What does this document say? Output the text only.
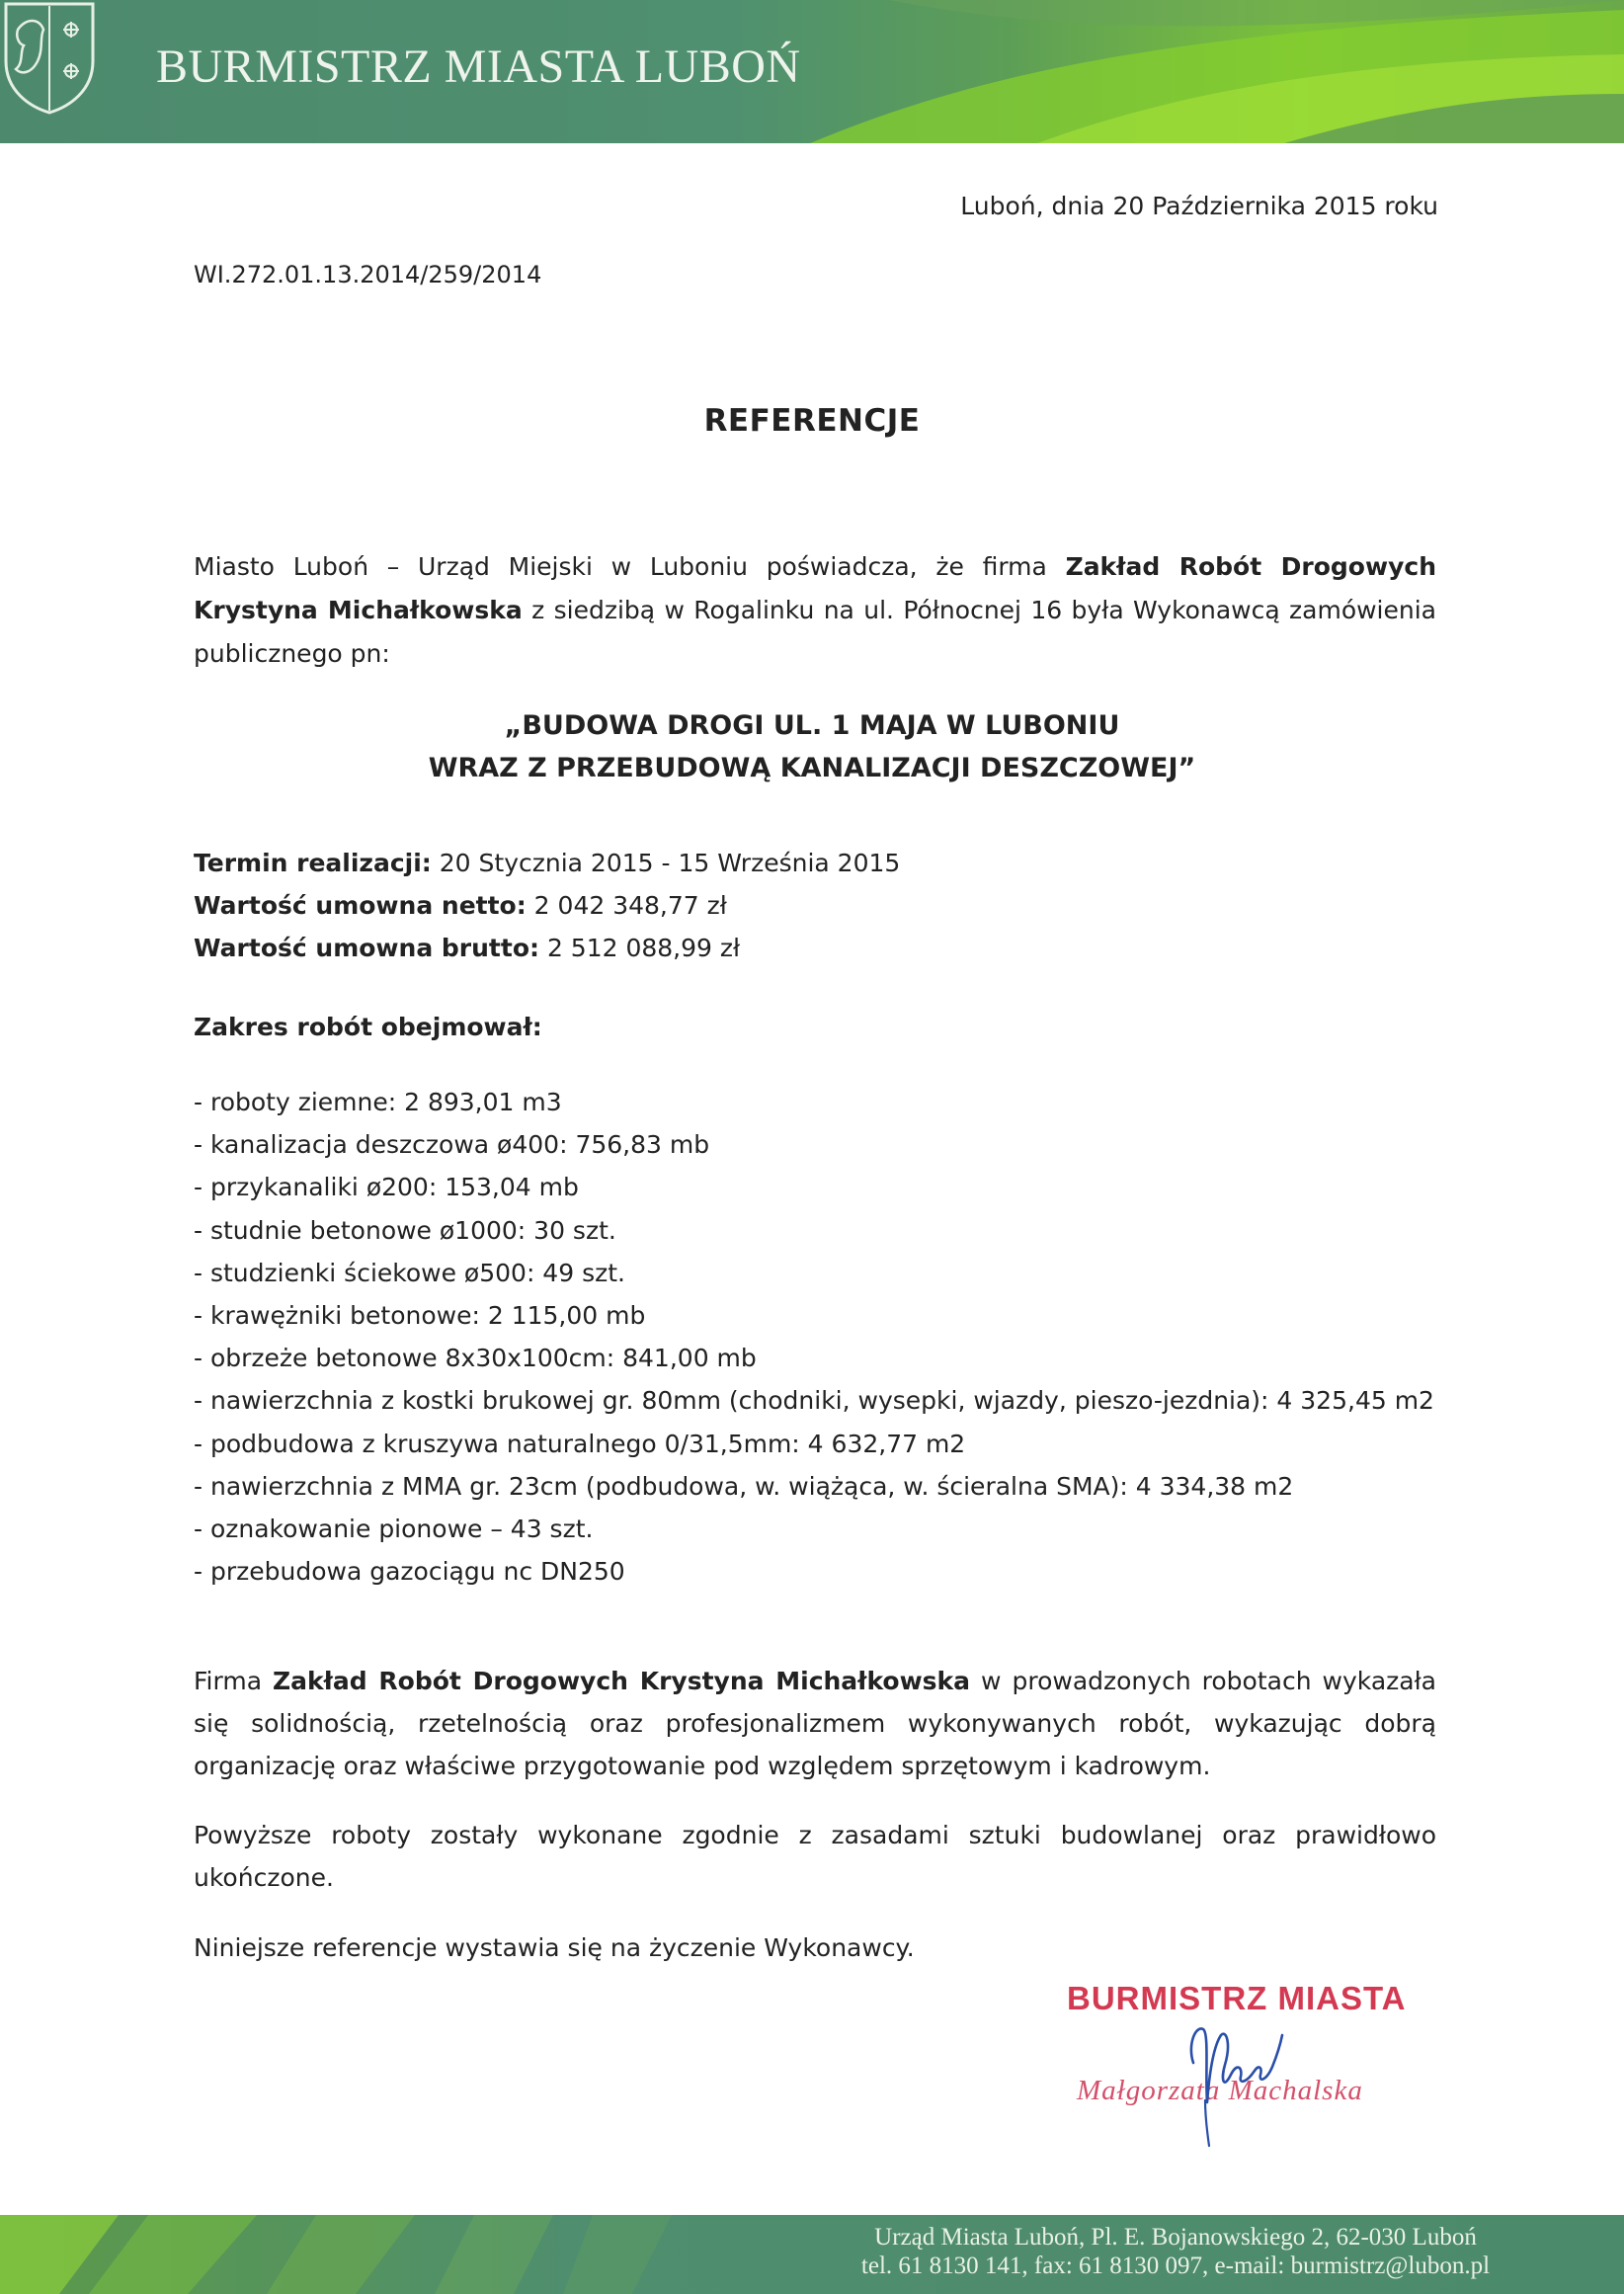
BURMISTRZ MIASTA LUBOŃ
Luboń, dnia 20 Października 2015 roku
WI.272.01.13.2014/259/2014
REFERENCJE
Miasto Luboń – Urząd Miejski w Luboniu poświadcza, że firma Zakład Robót Drogowych Krystyna Michałkowska z siedzibą w Rogalinku na ul. Północnej 16 była Wykonawcą zamówienia publicznego pn:
„BUDOWA DROGI UL. 1 MAJA W LUBONIU
WRAZ Z PRZEBUDOWĄ KANALIZACJI DESZCZOWEJ”
Termin realizacji: 20 Stycznia 2015 - 15 Września 2015
Wartość umowna netto: 2 042 348,77 zł
Wartość umowna brutto: 2 512 088,99 zł
Zakres robót obejmował:
- roboty ziemne: 2 893,01 m3
- kanalizacja deszczowa ø400: 756,83 mb
- przykanaliki ø200: 153,04 mb
- studnie betonowe ø1000: 30 szt.
- studzienki ściekowe ø500: 49 szt.
- krawężniki betonowe: 2 115,00 mb
- obrzeże betonowe 8x30x100cm: 841,00 mb
- nawierzchnia z kostki brukowej gr. 80mm (chodniki, wysepki, wjazdy, pieszo-jezdnia): 4 325,45 m2
- podbudowa z kruszywa naturalnego 0/31,5mm: 4 632,77 m2
- nawierzchnia z MMA gr. 23cm (podbudowa, w. wiążąca, w. ścieralna SMA): 4 334,38 m2
- oznakowanie pionowe – 43 szt.
- przebudowa gazociągu nc DN250
Firma Zakład Robót Drogowych Krystyna Michałkowska w prowadzonych robotach wykazała się solidnością, rzetelnością oraz profesjonalizmem wykonywanych robót, wykazując dobrą organizację oraz właściwe przygotowanie pod względem sprzętowym i kadrowym.
Powyższe roboty zostały wykonane zgodnie z zasadami sztuki budowlanej oraz prawidłowo ukończone.
Niniejsze referencje wystawia się na życzenie Wykonawcy.
BURMISTRZ MIASTA
Małgorzata Machalska
Urząd Miasta Luboń, Pl. E. Bojanowskiego 2, 62-030 Luboń
tel. 61 8130 141, fax: 61 8130 097, e-mail: burmistrz@lubon.pl
